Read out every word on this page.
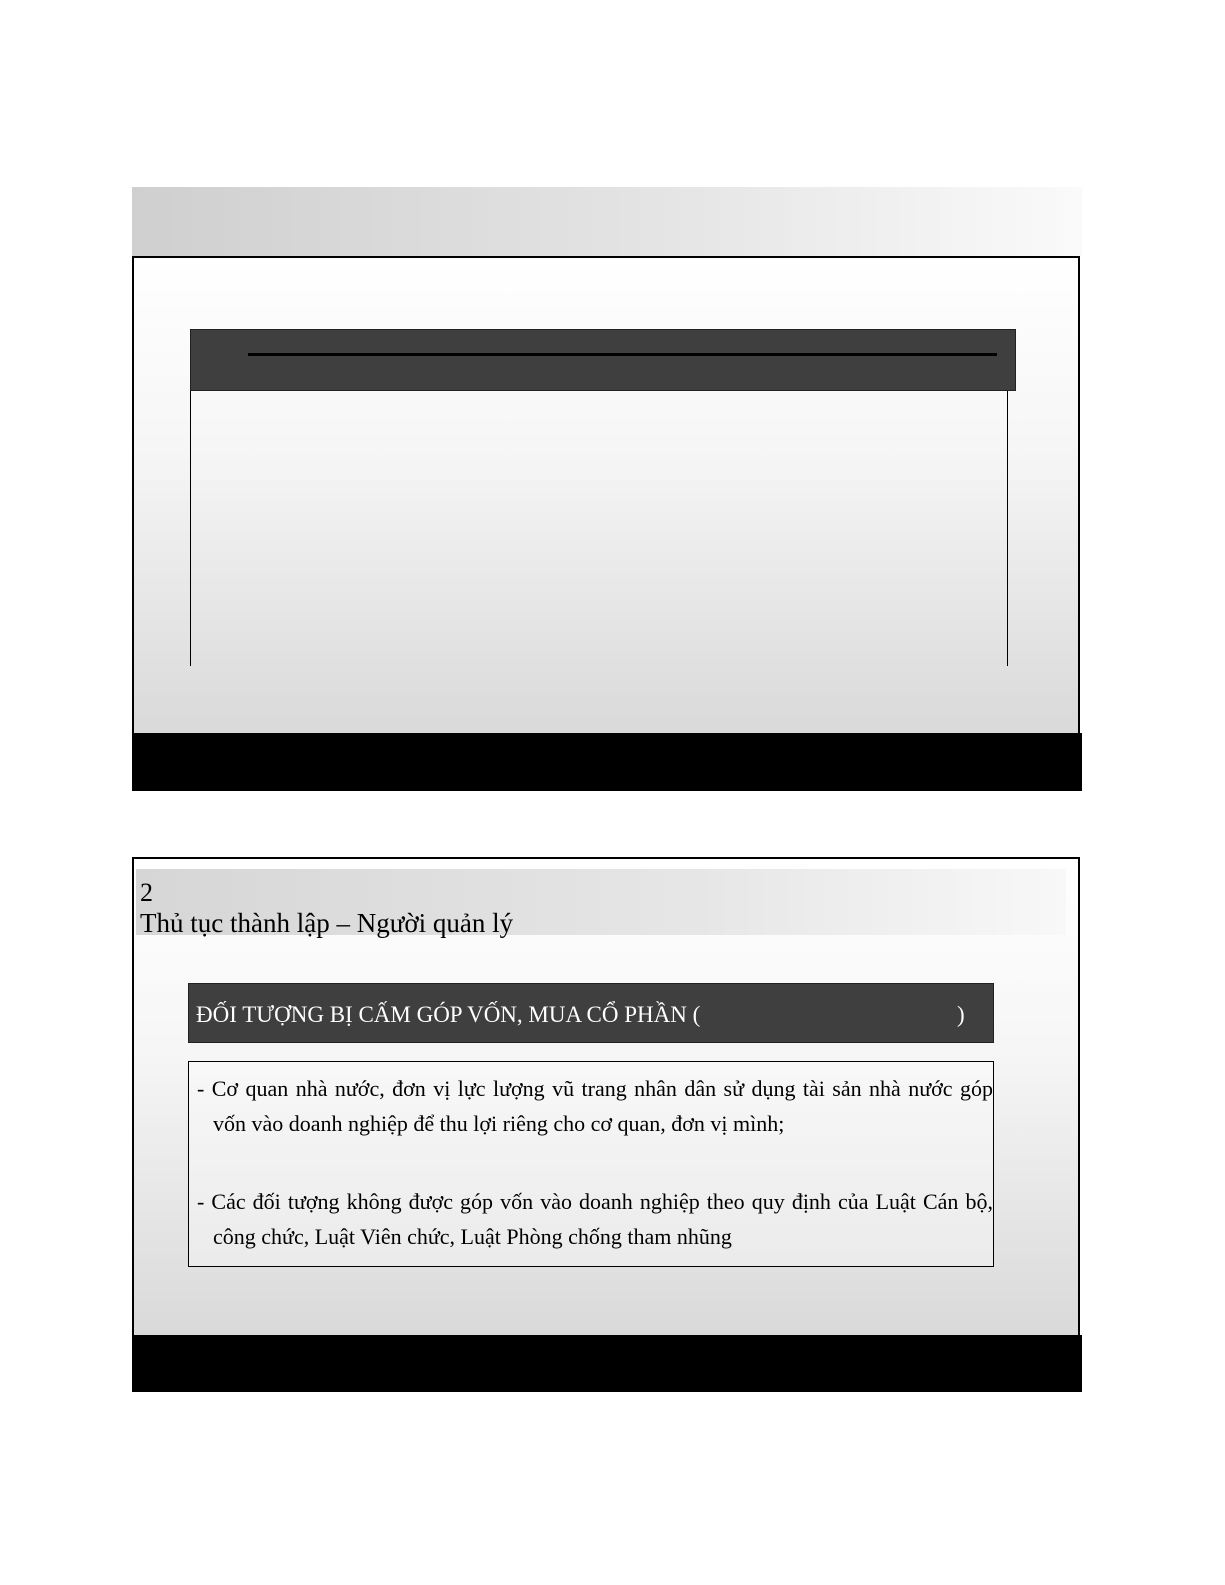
2
Thủ tục thành lập – Người quản lý
ĐỐI TƯỢNG BỊ CẤM GÓP VỐN, MUA CỔ PHẦN (	)
- Cơ quan nhà nước, đơn vị lực lượng vũ trang nhân dân sử dụng tài sản nhà nước góp vốn vào doanh nghiệp để thu lợi riêng cho cơ quan, đơn vị mình;
- Các đối tượng không được góp vốn vào doanh nghiệp theo quy định của Luật Cán bộ, công chức, Luật Viên chức, Luật Phòng chống tham nhũng
